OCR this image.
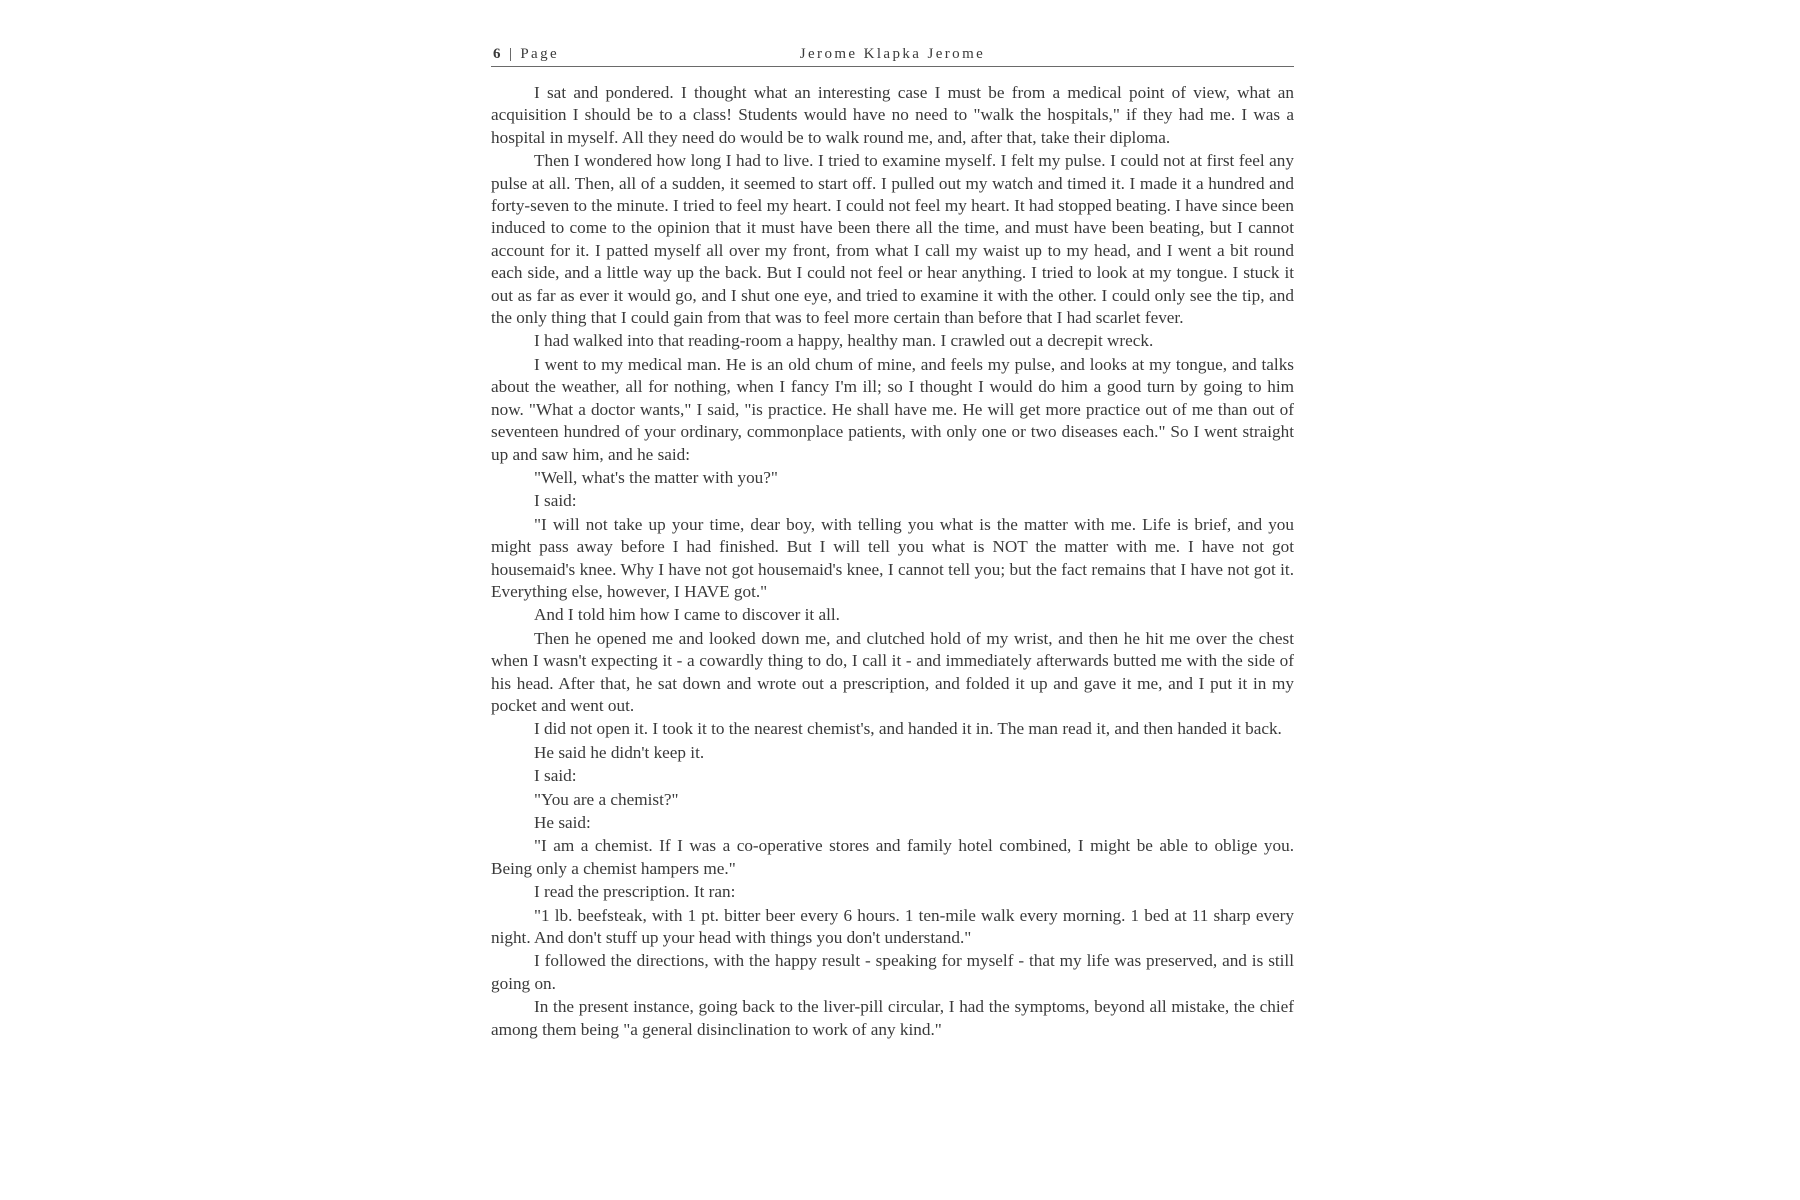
6 | Page	Jerome Klapka Jerome

I sat and pondered. I thought what an interesting case I must be from a medical point of view, what an acquisition I should be to a class! Students would have no need to "walk the hospitals," if they had me. I was a hospital in myself. All they need do would be to walk round me, and, after that, take their diploma.

Then I wondered how long I had to live. I tried to examine myself. I felt my pulse. I could not at first feel any pulse at all. Then, all of a sudden, it seemed to start off. I pulled out my watch and timed it. I made it a hundred and forty-seven to the minute. I tried to feel my heart. I could not feel my heart. It had stopped beating. I have since been induced to come to the opinion that it must have been there all the time, and must have been beating, but I cannot account for it. I patted myself all over my front, from what I call my waist up to my head, and I went a bit round each side, and a little way up the back. But I could not feel or hear anything. I tried to look at my tongue. I stuck it out as far as ever it would go, and I shut one eye, and tried to examine it with the other. I could only see the tip, and the only thing that I could gain from that was to feel more certain than before that I had scarlet fever.

I had walked into that reading-room a happy, healthy man. I crawled out a decrepit wreck.

I went to my medical man. He is an old chum of mine, and feels my pulse, and looks at my tongue, and talks about the weather, all for nothing, when I fancy I'm ill; so I thought I would do him a good turn by going to him now. "What a doctor wants," I said, "is practice. He shall have me. He will get more practice out of me than out of seventeen hundred of your ordinary, commonplace patients, with only one or two diseases each." So I went straight up and saw him, and he said:

"Well, what's the matter with you?"

I said:

"I will not take up your time, dear boy, with telling you what is the matter with me. Life is brief, and you might pass away before I had finished. But I will tell you what is NOT the matter with me. I have not got housemaid's knee. Why I have not got housemaid's knee, I cannot tell you; but the fact remains that I have not got it. Everything else, however, I HAVE got."

And I told him how I came to discover it all.

Then he opened me and looked down me, and clutched hold of my wrist, and then he hit me over the chest when I wasn't expecting it - a cowardly thing to do, I call it - and immediately afterwards butted me with the side of his head. After that, he sat down and wrote out a prescription, and folded it up and gave it me, and I put it in my pocket and went out.

I did not open it. I took it to the nearest chemist's, and handed it in. The man read it, and then handed it back.

He said he didn't keep it.

I said:

"You are a chemist?"

He said:

"I am a chemist. If I was a co-operative stores and family hotel combined, I might be able to oblige you. Being only a chemist hampers me."

I read the prescription. It ran:

"1 lb. beefsteak, with 1 pt. bitter beer every 6 hours. 1 ten-mile walk every morning. 1 bed at 11 sharp every night. And don't stuff up your head with things you don't understand."

I followed the directions, with the happy result - speaking for myself - that my life was preserved, and is still going on.

In the present instance, going back to the liver-pill circular, I had the symptoms, beyond all mistake, the chief among them being "a general disinclination to work of any kind."
